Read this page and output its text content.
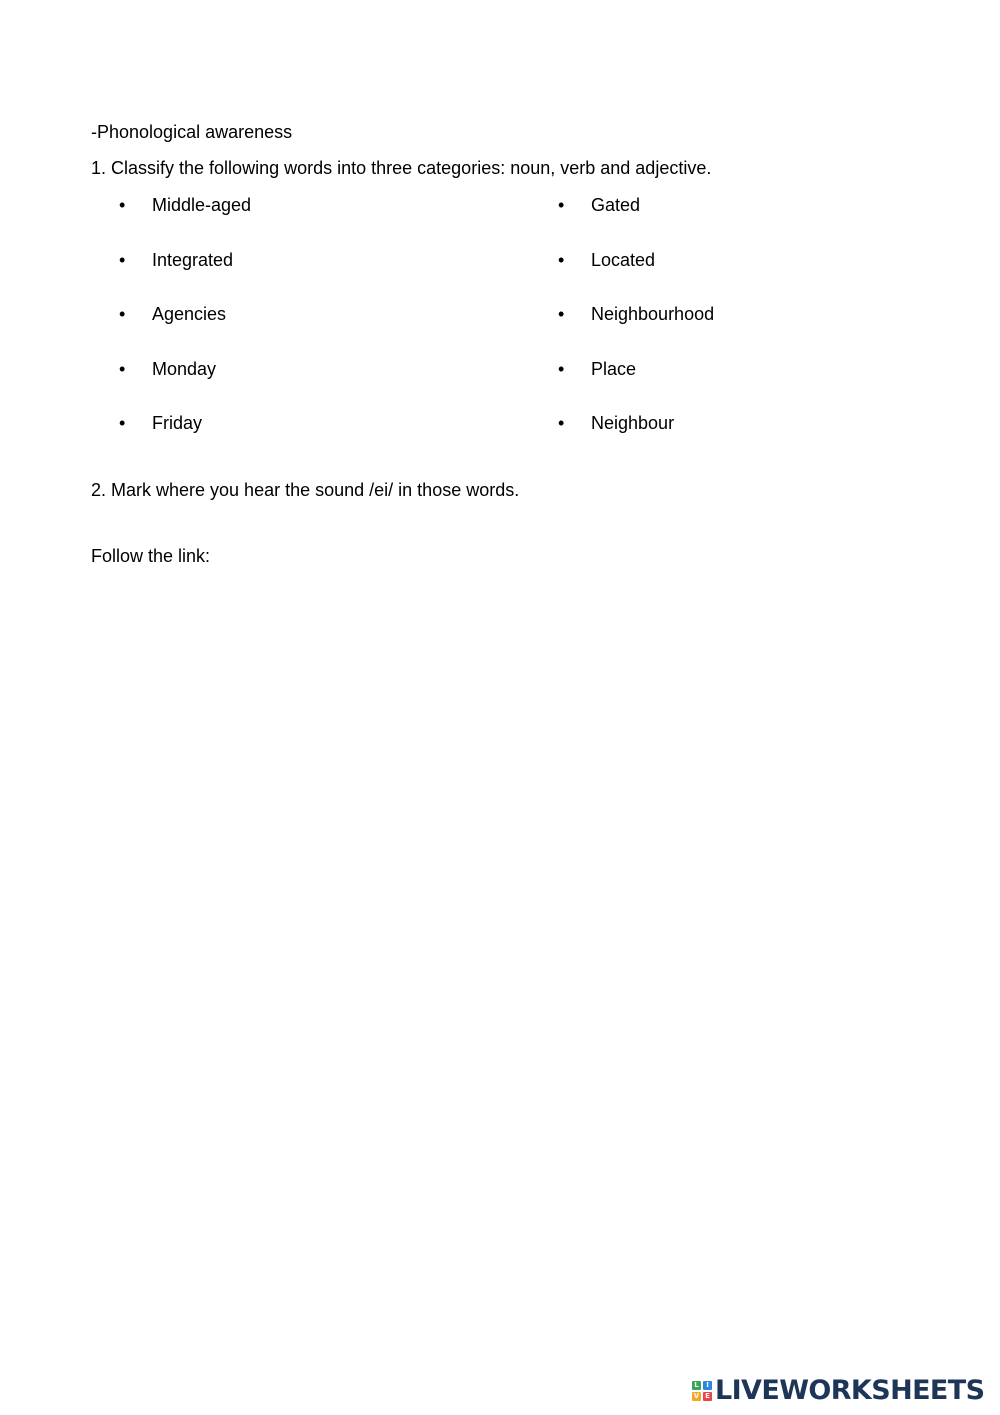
-Phonological awareness
1. Classify the following words into three categories: noun, verb and adjective.
•	Middle-aged
•	Integrated
•	Agencies
•	Monday
•	Friday
•	Gated
•	Located
•	Neighbourhood
•	Place
•	Neighbour
2. Mark where you hear the sound /ei/ in those words.
Follow the link:
L	I
V E LIVEWORKSHEETS
